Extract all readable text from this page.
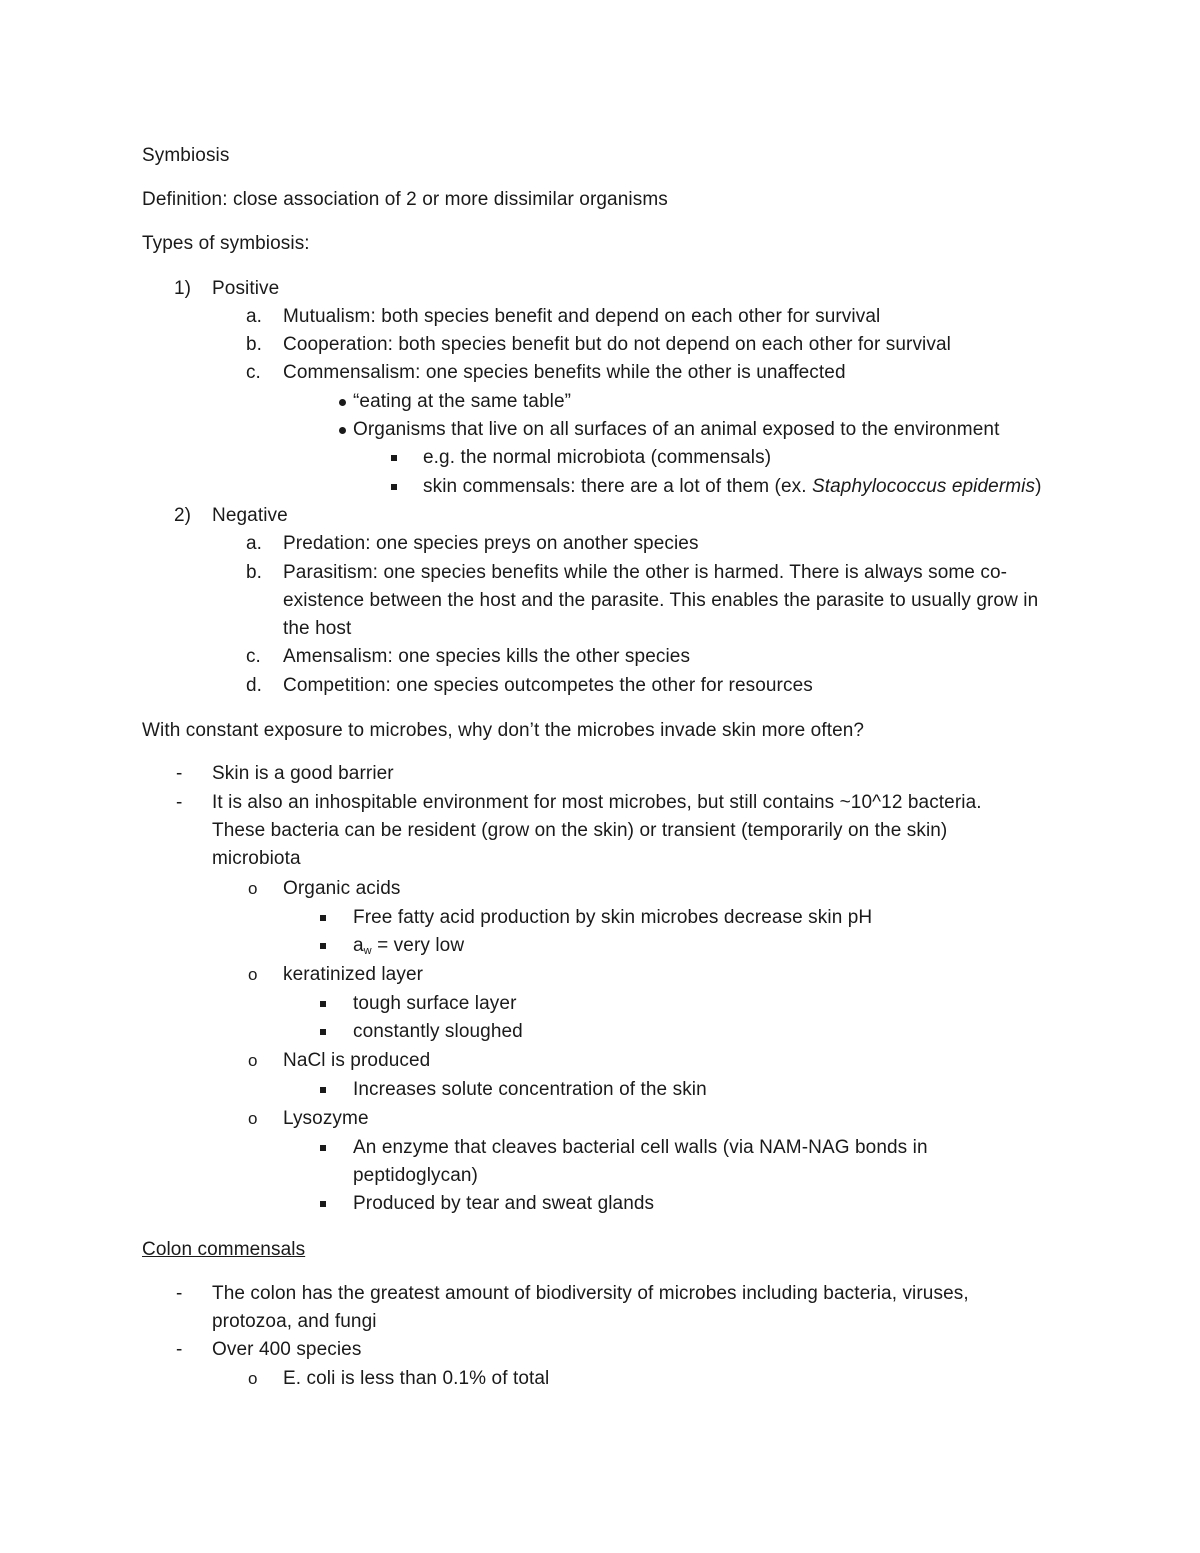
Symbiosis
Definition: close association of 2 or more dissimilar organisms
Types of symbiosis:
1) Positive
a. Mutualism: both species benefit and depend on each other for survival
b. Cooperation: both species benefit but do not depend on each other for survival
c. Commensalism: one species benefits while the other is unaffected
“eating at the same table”
Organisms that live on all surfaces of an animal exposed to the environment
e.g. the normal microbiota (commensals)
skin commensals: there are a lot of them (ex. Staphylococcus epidermis)
2) Negative
a. Predation: one species preys on another species
b. Parasitism: one species benefits while the other is harmed. There is always some co-
existence between the host and the parasite. This enables the parasite to usually grow in
the host
c. Amensalism: one species kills the other species
d. Competition: one species outcompetes the other for resources
With constant exposure to microbes, why don’t the microbes invade skin more often?
- Skin is a good barrier
- It is also an inhospitable environment for most microbes, but still contains ~10^12 bacteria.
These bacteria can be resident (grow on the skin) or transient (temporarily on the skin)
microbiota
o Organic acids
Free fatty acid production by skin microbes decrease skin pH
$a_w$ = very low
o keratinized layer
tough surface layer
constantly sloughed
o NaCl is produced
Increases solute concentration of the skin
o Lysozyme
An enzyme that cleaves bacterial cell walls (via NAM-NAG bonds in
peptidoglycan)
Produced by tear and sweat glands
Colon commensals
- The colon has the greatest amount of biodiversity of microbes including bacteria, viruses,
protozoa, and fungi
- Over 400 species
o E. coli is less than 0.1% of total
